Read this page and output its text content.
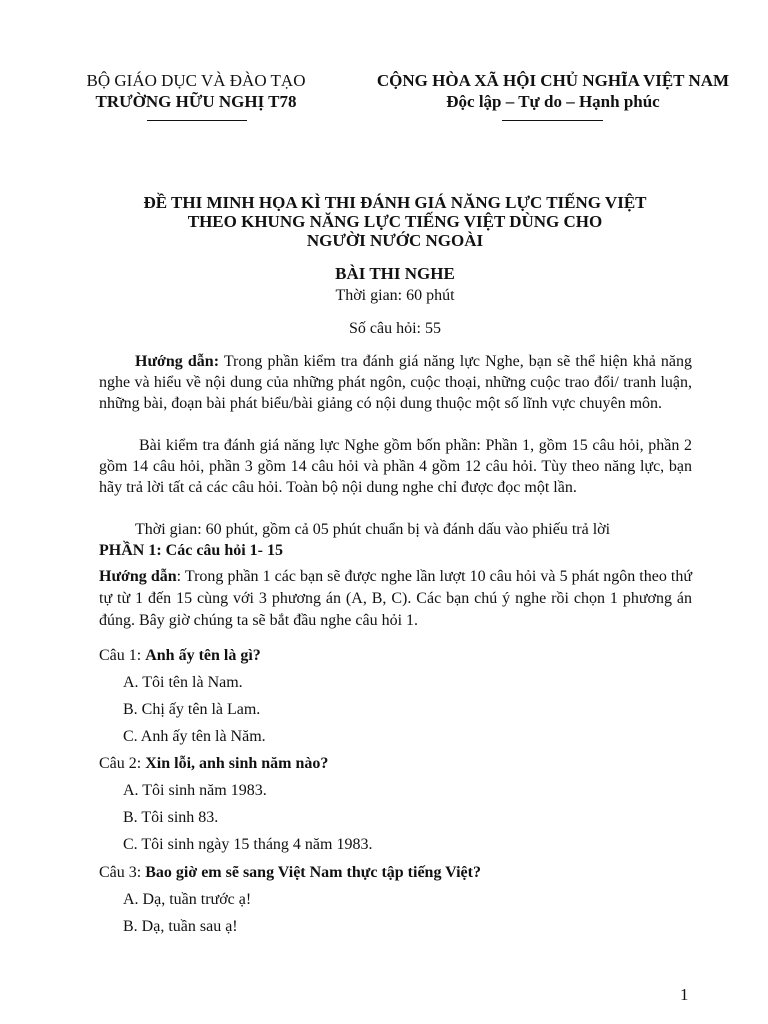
BỘ GIÁO DỤC VÀ ĐÀO TẠO
TRƯỜNG HỮU NGHỊ T78
CỘNG HÒA XÃ HỘI CHỦ NGHĨA VIỆT NAM
Độc lập – Tự do – Hạnh phúc
ĐỀ THI MINH HỌA KÌ THI ĐÁNH GIÁ NĂNG LỰC TIẾNG VIỆT
THEO KHUNG NĂNG LỰC TIẾNG VIỆT DÙNG CHO
NGƯỜI NƯỚC NGOÀI
BÀI THI NGHE
Thời gian: 60 phút
Số câu hỏi: 55
Hướng dẫn: Trong phần kiểm tra đánh giá năng lực Nghe, bạn sẽ thể hiện khả năng nghe và hiểu về nội dung của những phát ngôn, cuộc thoại, những cuộc trao đổi/ tranh luận, những bài, đoạn bài phát biểu/bài giảng có nội dung thuộc một số lĩnh vực chuyên môn.
Bài kiểm tra đánh giá năng lực Nghe gồm bốn phần: Phần 1, gồm 15 câu hỏi, phần 2 gồm 14 câu hỏi, phần 3 gồm 14 câu hỏi và phần 4 gồm 12 câu hỏi. Tùy theo năng lực, bạn hãy trả lời tất cả các câu hỏi. Toàn bộ nội dung nghe chỉ được đọc một lần.
Thời gian: 60 phút, gồm cả 05 phút chuẩn bị và đánh dấu vào phiếu trả lời
PHẦN 1: Các câu hỏi 1- 15
Hướng dẫn: Trong phần 1 các bạn sẽ được nghe lần lượt 10 câu hỏi và 5 phát ngôn theo thứ tự từ 1 đến 15 cùng với 3 phương án (A, B, C). Các bạn chú ý nghe rồi chọn 1 phương án đúng. Bây giờ chúng ta sẽ bắt đầu nghe câu hỏi 1.
Câu 1: Anh ấy tên là gì?
A. Tôi tên là Nam.
B. Chị ấy tên là Lam.
C. Anh ấy tên là Năm.
Câu 2: Xin lỗi, anh sinh năm nào?
A. Tôi sinh năm 1983.
B. Tôi sinh 83.
C. Tôi sinh ngày 15 tháng 4 năm 1983.
Câu 3: Bao giờ em sẽ sang Việt Nam thực tập tiếng Việt?
A. Dạ, tuần trước ạ!
B. Dạ, tuần sau ạ!
1
